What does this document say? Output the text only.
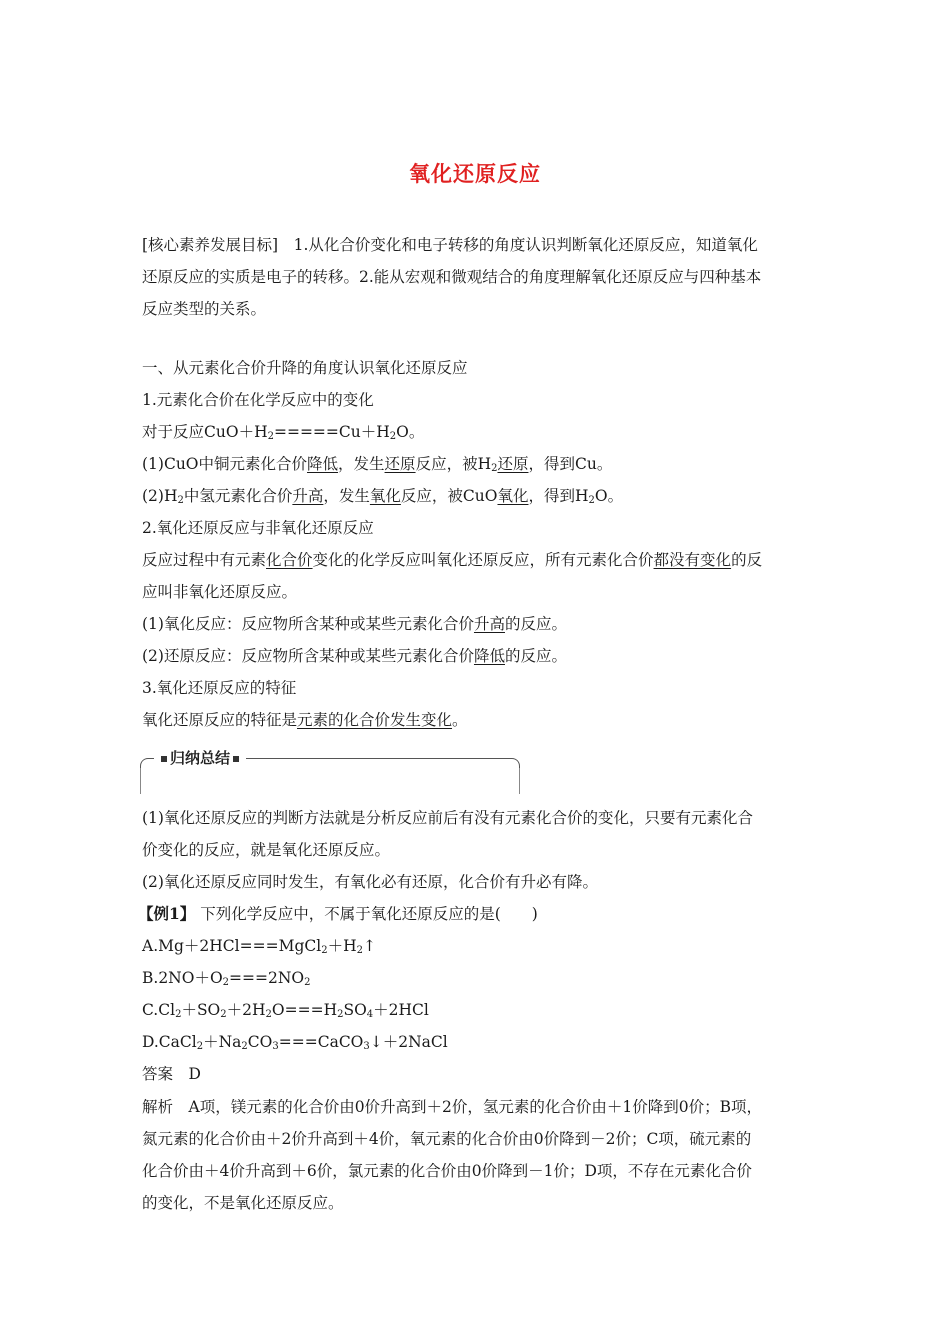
氧化还原反应
[核心素养发展目标]　1.从化合价变化和电子转移的角度认识判断氧化还原反应，知道氧化
还原反应的实质是电子的转移。2.能从宏观和微观结合的角度理解氧化还原反应与四种基本
反应类型的关系。
一、从元素化合价升降的角度认识氧化还原反应
1.元素化合价在化学反应中的变化
对于反应$CuO+H_2=====Cu+H_2O$。
(1)CuO中铜元素化合价降低，发生还原反应，被$H_2$还原，得到Cu。
$(2)H_2$中氢元素化合价升高，发生氧化反应，被CuO氧化，得到$H_2O$。
2.氧化还原反应与非氧化还原反应
反应过程中有元素化合价变化的化学反应叫氧化还原反应，所有元素化合价都没有变化的反
应叫非氧化还原反应。
(1)氧化反应：反应物所含某种或某些元素化合价升高的反应。
(2)还原反应：反应物所含某种或某些元素化合价降低的反应。
3.氧化还原反应的特征
氧化还原反应的特征是元素的化合价发生变化。
归纳总结
(1)氧化还原反应的判断方法就是分析反应前后有没有元素化合价的变化，只要有元素化合
价变化的反应，就是氧化还原反应。
(2)氧化还原反应同时发生，有氧化必有还原，化合价有升必有降。
【例1】 下列化学反应中，不属于氧化还原反应的是(　　)
$A.Mg+2HCl===MgCl_2+H_2↑$
$B.2NO+O_2===2NO_2$
$C.Cl_2+SO_2+2H_2O===H_2SO_4+2HCl$
$D.CaCl_2+Na_2CO_3===CaCO_3↓+2NaCl$
答案　D
解析　A项，镁元素的化合价由0价升高到＋2价，氢元素的化合价由＋1价降到0价；B项，
氮元素的化合价由＋2价升高到＋4价，氧元素的化合价由0价降到－2价；C项，硫元素的
化合价由＋4价升高到＋6价，氯元素的化合价由0价降到－1价；D项，不存在元素化合价
的变化，不是氧化还原反应。
